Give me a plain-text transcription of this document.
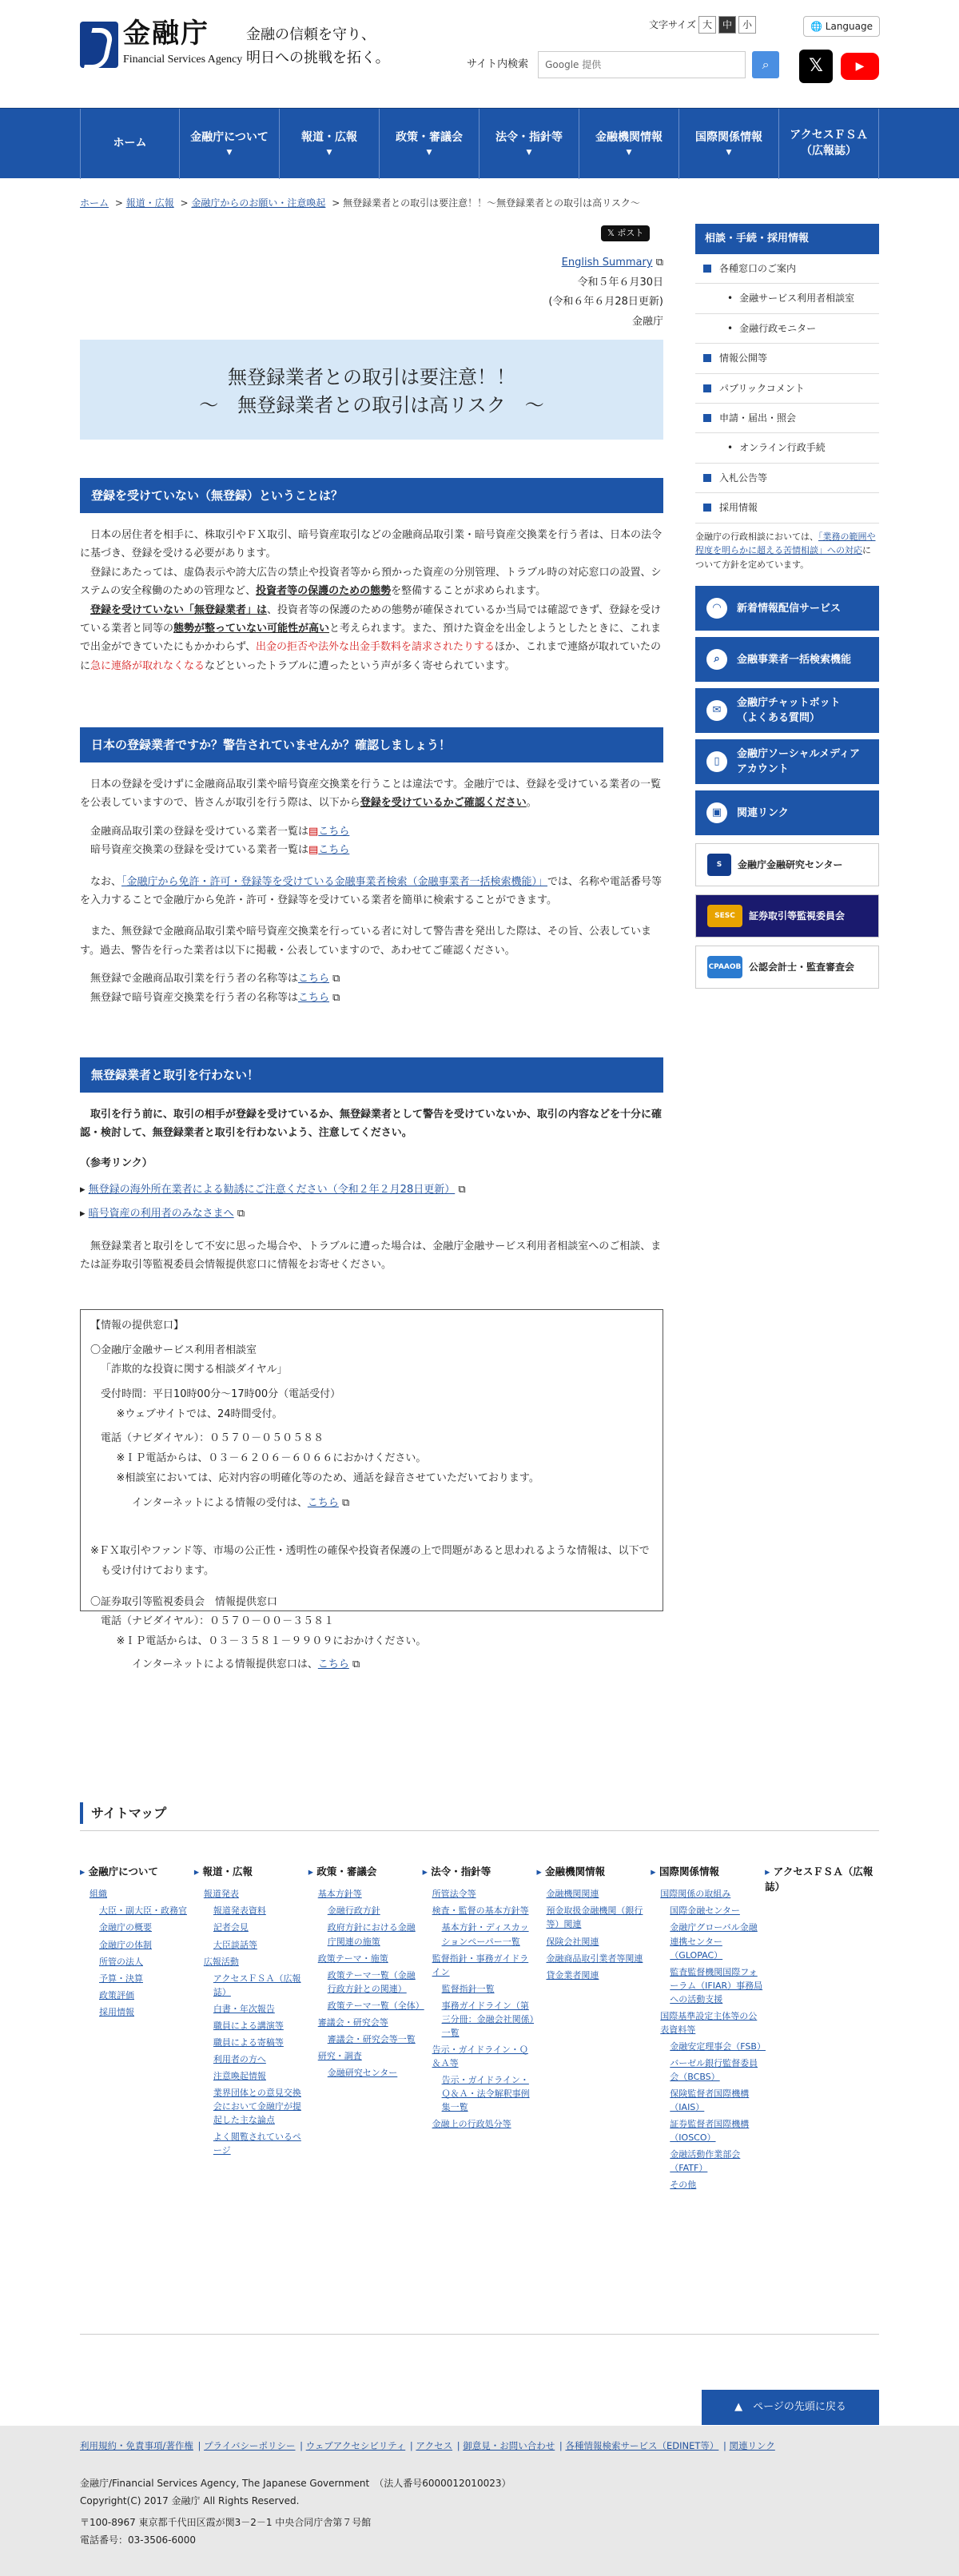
金融庁
Financial Services Agency
金融の信頼を守り、
明日への挑戦を拓く。
文字サイズ 大	中	小	🌐 Language
サイト内検索	Google 提供	⌕	𝕏	▶
ホーム	金融庁について
▼
報道・広報
▼
政策・審議会
▼
法令・指針等
▼
金融機関情報
▼
国際関係情報
▼
アクセスＦＳＡ
（広報誌）
ホーム > 報道・広報 > 金融庁からのお願い・注意喚起 > 無登録業者との取引は要注意！！～無登録業者との取引は高リスク～
𝕏 ポスト
English Summary ⧉
令和５年６月30日
(令和６年６月28日更新)
金融庁
無登録業者との取引は要注意！！
～　無登録業者との取引は高リスク　～
登録を受けていない（無登録）ということは？

日本の居住者を相手に、株取引やＦＸ取引、暗号資産取引などの金融商品取引業・暗号資産交換業を行う者は、日本の法令に基づき、登録を受ける必要があります。

登録にあたっては、虚偽表示や誇大広告の禁止や投資者等から預かった資産の分別管理、トラブル時の対応窓口の設置、システムの安全稼働のための管理など、投資者等の保護のための態勢を整備することが求められます。

登録を受けていない「無登録業者」は、投資者等の保護のための態勢が確保されているか当局では確認できず、登録を受けている業者と同等の態勢が整っていない可能性が高いと考えられます。また、預けた資金を出金しようとしたときに、これまで出金ができていたにもかかわらず、出金の拒否や法外な出金手数料を請求されたりするほか、これまで連絡が取れていたのに急に連絡が取れなくなるなどといったトラブルに遭ったという声が多く寄せられています。

日本の登録業者ですか？警告されていませんか？確認しましょう！

日本の登録を受けずに金融商品取引業や暗号資産交換業を行うことは違法です。金融庁では、登録を受けている業者の一覧を公表していますので、皆さんが取引を行う際は、以下から登録を受けているかご確認ください。

金融商品取引業の登録を受けている業者一覧は▤こちら
暗号資産交換業の登録を受けている業者一覧は▤こちら

なお、「金融庁から免許・許可・登録等を受けている金融事業者検索（金融事業者一括検索機能）」では、名称や電話番号等を入力することで金融庁から免許・許可・登録等を受けている業者を簡単に検索することができます。

また、無登録で金融商品取引業や暗号資産交換業を行っている者に対して警告書を発出した際は、その旨、公表しています。過去、警告を行った業者は以下に掲載・公表していますので、あわせてご確認ください。

無登録で金融商品取引業を行う者の名称等はこちら ⧉
無登録で暗号資産交換業を行う者の名称等はこちら ⧉
無登録業者と取引を行わない！

取引を行う前に、取引の相手が登録を受けているか、無登録業者として警告を受けていないか、取引の内容などを十分に確認・検討して、無登録業者と取引を行わないよう、注意してください。

（参考リンク）
▸ 無登録の海外所在業者による勧誘にご注意ください（令和２年２月28日更新） ⧉
▸ 暗号資産の利用者のみなさまへ ⧉

無登録業者と取引をして不安に思った場合や、トラブルに遭った場合は、金融庁金融サービス利用者相談室へのご相談、または証券取引等監視委員会情報提供窓口に情報をお寄せください。

【情報の提供窓口】
〇金融庁金融サービス利用者相談室
「詐欺的な投資に関する相談ダイヤル」
受付時間：平日10時00分～17時00分（電話受付）
※ウェブサイトでは、24時間受付。
電話（ナビダイヤル）：０５７０－０５０５８８
※ＩＰ電話からは、０３－６２０６－６０６６におかけください。
※相談室においては、応対内容の明確化等のため、通話を録音させていただいております。
インターネットによる情報の受付は、こちら ⧉
※ＦＸ取引やファンド等、市場の公正性・透明性の確保や投資者保護の上で問題があると思われるような情報は、以下でも受け付けております。
〇証券取引等監視委員会　情報提供窓口
電話（ナビダイヤル）：０５７０－００－３５８１
※ＩＰ電話からは、０３－３５８１－９９０９におかけください。
インターネットによる情報提供窓口は、こちら ⧉
相談・手続・採用情報
各種窓口のご案内
• 金融サービス利用者相談室
• 金融行政モニター
情報公開等
パブリックコメント
申請・届出・照会
• オンライン行政手続
入札公告等
採用情報
金融庁の行政相談においては、「業務の範囲や程度を明らかに超える苦情相談」への対応について方針を定めています。
◠	新着情報配信サービス
⌕	金融事業者一括検索機能
✉
金融庁チャットボット
（よくある質問）
▯
金融庁ソーシャルメディア
アカウント
▣	関連リンク
S	金融庁金融研究センター
SESC	証券取引等監視委員会
CPAAOB 公認会計士・監査審査会
サイトマップ
▸ 金融庁について
組織
大臣・副大臣・政務官
金融庁の概要
金融庁の体制
所管の法人
予算・決算
政策評価
採用情報
▸ 報道・広報
報道発表
報道発表資料
記者会見
大臣談話等
広報活動
アクセスＦＳＡ（広報誌）
白書・年次報告
職員による講演等
職員による寄稿等
利用者の方へ
注意喚起情報
業界団体との意見交換会において金融庁が提起した主な論点
よく閲覧されているページ
▸ 政策・審議会
基本方針等
金融行政方針
政府方針における金融庁関連の施策
政策テーマ・施策
政策テーマ一覧（金融行政方針との関連）
政策テーマ一覧（全体）
審議会・研究会等
審議会・研究会等一覧
研究・調査
金融研究センター
▸ 法令・指針等
所管法令等
検査・監督の基本方針等
基本方針・ディスカッションペーパー一覧
監督指針・事務ガイドライン
監督指針一覧
事務ガイドライン（第三分冊：金融会社関係）一覧
告示・ガイドライン・Ｑ＆Ａ等
告示・ガイドライン・Ｑ＆Ａ・法令解釈事例集一覧
金融上の行政処分等
▸ 金融機関情報
金融機関関連
預金取扱金融機関（銀行等）関連
保険会社関連
金融商品取引業者等関連
貸金業者関連
▸ 国際関係情報
国際関係の取組み
国際金融センター
金融庁グローバル金融連携センター（GLOPAC）
監査監督機関国際フォーラム（IFIAR）事務局への活動支援
国際基準設定主体等の公表資料等
金融安定理事会（FSB）
バーゼル銀行監督委員会（BCBS）
保険監督者国際機構（IAIS）
証券監督者国際機構（IOSCO）
金融活動作業部会（FATF）
その他
▸ アクセスＦＳＡ（広報誌）
▲　ページの先頭に戻る
利用規約・免責事項/著作権 | プライバシーポリシー | ウェブアクセシビリティ | アクセス | 御意見・お問い合わせ | 各種情報検索サービス（EDINET等） | 関連リンク
金融庁/Financial Services Agency, The Japanese Government　（法人番号6000012010023）
Copyright(C) 2017 金融庁 All Rights Reserved.
〒100-8967 東京都千代田区霞が関3－2－1 中央合同庁舎第７号館
電話番号：03-3506-6000
